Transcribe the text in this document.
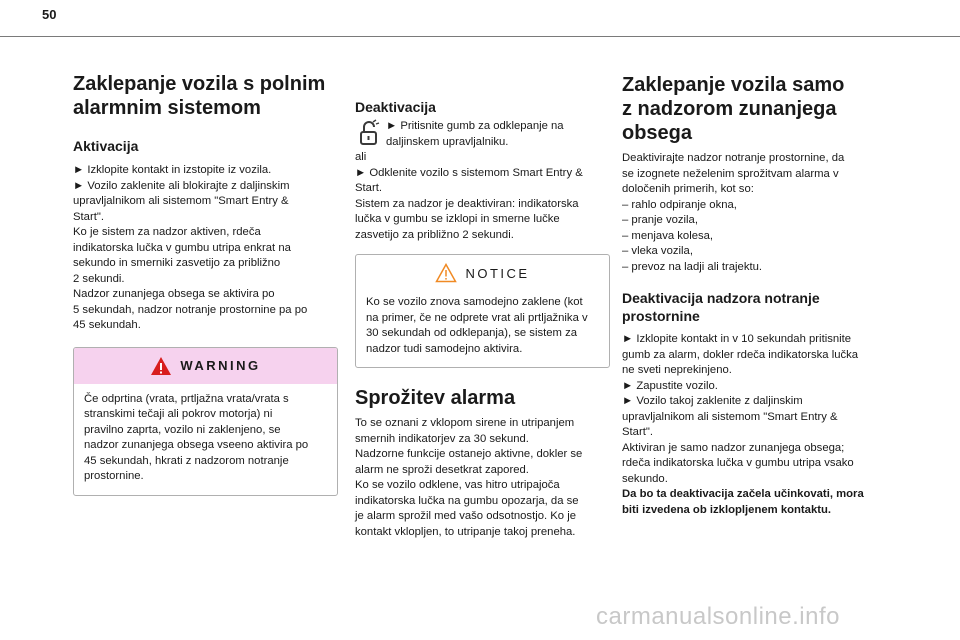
50
Zaklepanje vozila s polnim
alarmnim sistemom
Aktivacija

► Izklopite kontakt in izstopite iz vozila.

► Vozilo zaklenite ali blokirajte z daljinskim

upravljalnikom ali sistemom "Smart Entry &

Start".

Ko je sistem za nadzor aktiven, rdeča

indikatorska lučka v gumbu utripa enkrat na

sekundo in smerniki zasvetijo za približno

2 sekundi.

Nadzor zunanjega obsega se aktivira po

5 sekundah, nadzor notranje prostornine pa po

45 sekundah.

WARNING

Če odprtina (vrata, prtljažna vrata/vrata s

stranskimi tečaji ali pokrov motorja) ni

pravilno zaprta, vozilo ni zaklenjeno, se

nadzor zunanjega obsega vseeno aktivira po

45 sekundah, hkrati z nadzorom notranje

prostornine.

Deaktivacija

► Pritisnite gumb za odklepanje na

daljinskem upravljalniku.

ali

► Odklenite vozilo s sistemom Smart Entry &

Start.

Sistem za nadzor je deaktiviran: indikatorska

lučka v gumbu se izklopi in smerne lučke

zasvetijo za približno 2 sekundi.

NOTICE

Ko se vozilo znova samodejno zaklene (kot

na primer, če ne odprete vrat ali prtljažnika v

30 sekundah od odklepanja), se sistem za

nadzor tudi samodejno aktivira.

Sprožitev alarma

To se oznani z vklopom sirene in utripanjem

smernih indikatorjev za 30 sekund.

Nadzorne funkcije ostanejo aktivne, dokler se

alarm ne sproži desetkrat zapored.

Ko se vozilo odklene, vas hitro utripajoča

indikatorska lučka na gumbu opozarja, da se

je alarm sprožil med vašo odsotnostjo. Ko je

kontakt vklopljen, to utripanje takoj preneha.

Zaklepanje vozila samo
z nadzorom zunanjega
obsega

Deaktivirajte nadzor notranje prostornine, da

se izognete neželenim sprožitvam alarma v

določenih primerih, kot so:

– rahlo odpiranje okna,

– pranje vozila,

– menjava kolesa,

– vleka vozila,

– prevoz na ladji ali trajektu.

Deaktivacija nadzora notranje
prostornine

► Izklopite kontakt in v 10 sekundah pritisnite

gumb za alarm, dokler rdeča indikatorska lučka

ne sveti neprekinjeno.

► Zapustite vozilo.

► Vozilo takoj zaklenite z daljinskim

upravljalnikom ali sistemom "Smart Entry &

Start".

Aktiviran je samo nadzor zunanjega obsega;

rdeča indikatorska lučka v gumbu utripa vsako

sekundo.

Da bo ta deaktivacija začela učinkovati, mora

biti izvedena ob izklopljenem kontaktu.

carmanualsonline.info
